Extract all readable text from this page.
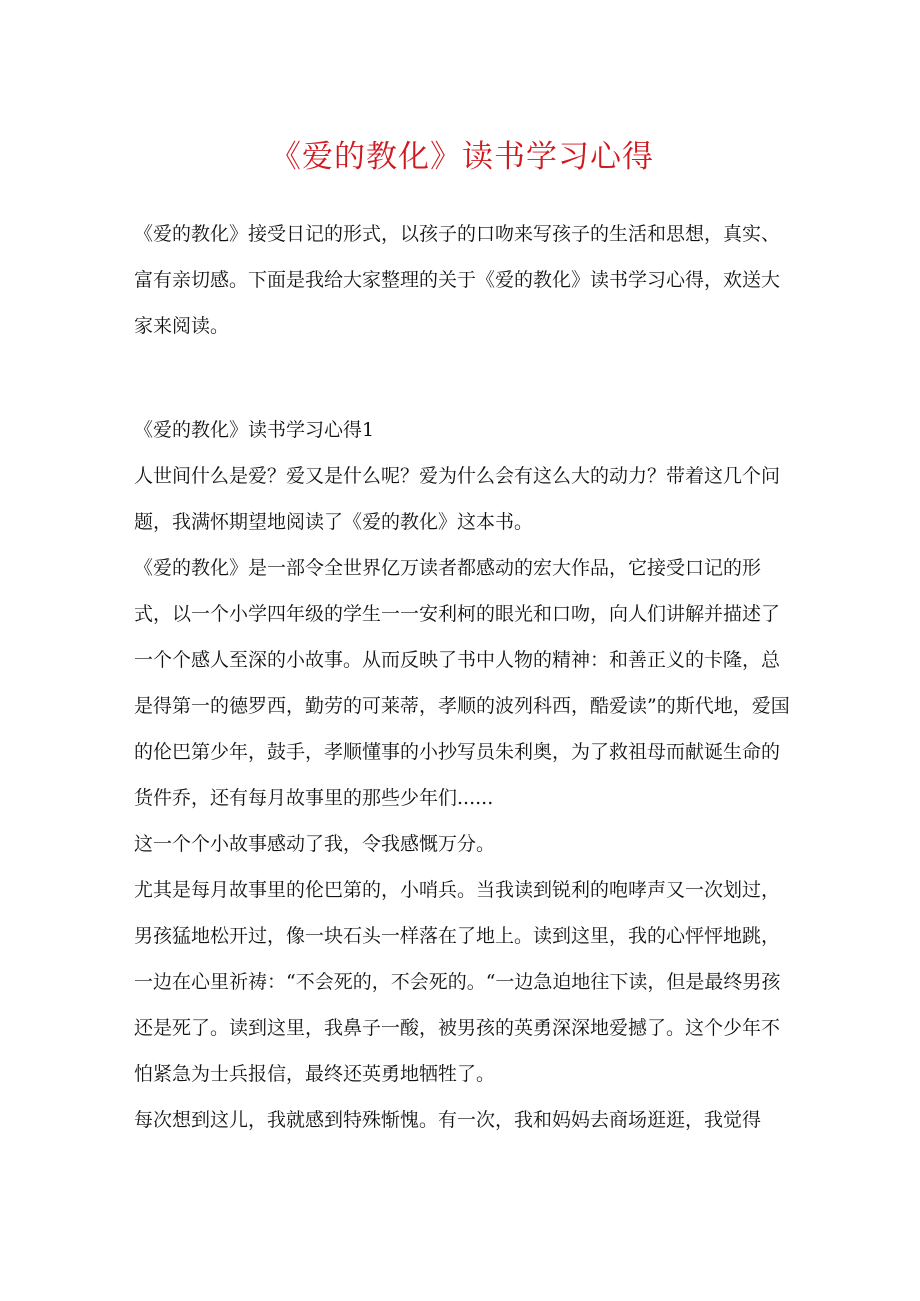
《爱的教化》读书学习心得

《爱的教化》接受日记的形式，以孩子的口吻来写孩子的生活和思想，真实、富有亲切感。下面是我给大家整理的关于《爱的教化》读书学习心得，欢送大家来阅读。

《爱的教化》读书学习心得1

人世间什么是爱？爱又是什么呢？爱为什么会有这么大的动力？带着这几个问题，我满怀期望地阅读了《爱的教化》这本书。

《爱的教化》是一部令全世界亿万读者都感动的宏大作品，它接受口记的形式，以一个小学四年级的学生一一安利柯的眼光和口吻，向人们讲解并描述了一个个感人至深的小故事。从而反映了书中人物的精神：和善正义的卡隆，总是得第一的德罗西，勤劳的可莱蒂，孝顺的波列科西，酷爱读”的斯代地，爱国的伦巴第少年，鼓手，孝顺懂事的小抄写员朱利奥，为了救祖母而献诞生命的货件乔，还有每月故事里的那些少年们......

这一个个小故事感动了我，令我感慨万分。

尤其是每月故事里的伦巴第的，小哨兵。当我读到锐利的咆哮声又一次划过，男孩猛地松开过，像一块石头一样落在了地上。读到这里，我的心怦怦地跳，一边在心里祈祷：“不会死的，不会死的。“一边急迫地往下读，但是最终男孩还是死了。读到这里，我鼻子一酸，被男孩的英勇深深地爱撼了。这个少年不怕紧急为士兵报信，最终还英勇地牺牲了。

每次想到这儿，我就感到特殊惭愧。有一次，我和妈妈去商场逛逛，我觉得
